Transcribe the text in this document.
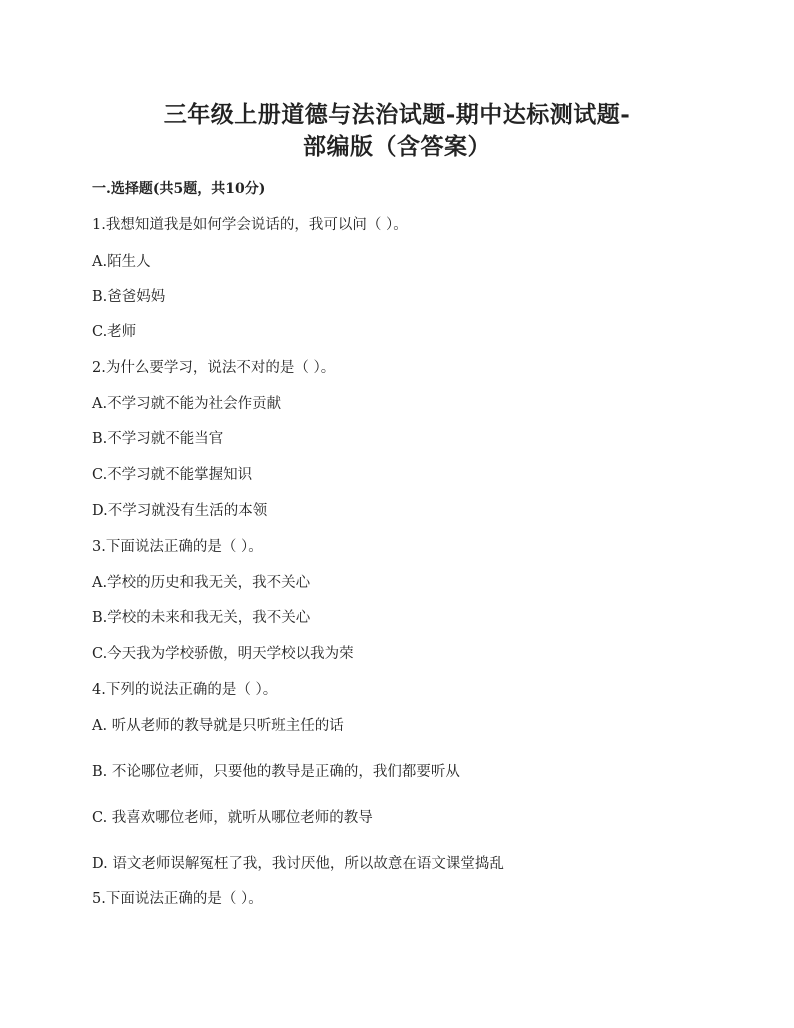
三年级上册道德与法治试题-期中达标测试题-
部编版（含答案）
一.选择题(共5题，共10分)
1.我想知道我是如何学会说话的，我可以问（ ）。
A.陌生人
B.爸爸妈妈
C.老师
2.为什么要学习，说法不对的是（ ）。
A.不学习就不能为社会作贡献
B.不学习就不能当官
C.不学习就不能掌握知识
D.不学习就没有生活的本领
3.下面说法正确的是（ ）。
A.学校的历史和我无关，我不关心
B.学校的未来和我无关，我不关心
C.今天我为学校骄傲，明天学校以我为荣
4.下列的说法正确的是（ ）。
A. 听从老师的教导就是只听班主任的话
B. 不论哪位老师，只要他的教导是正确的，我们都要听从
C. 我喜欢哪位老师，就听从哪位老师的教导
D. 语文老师误解冤枉了我，我讨厌他，所以故意在语文课堂捣乱
5.下面说法正确的是（ ）。
